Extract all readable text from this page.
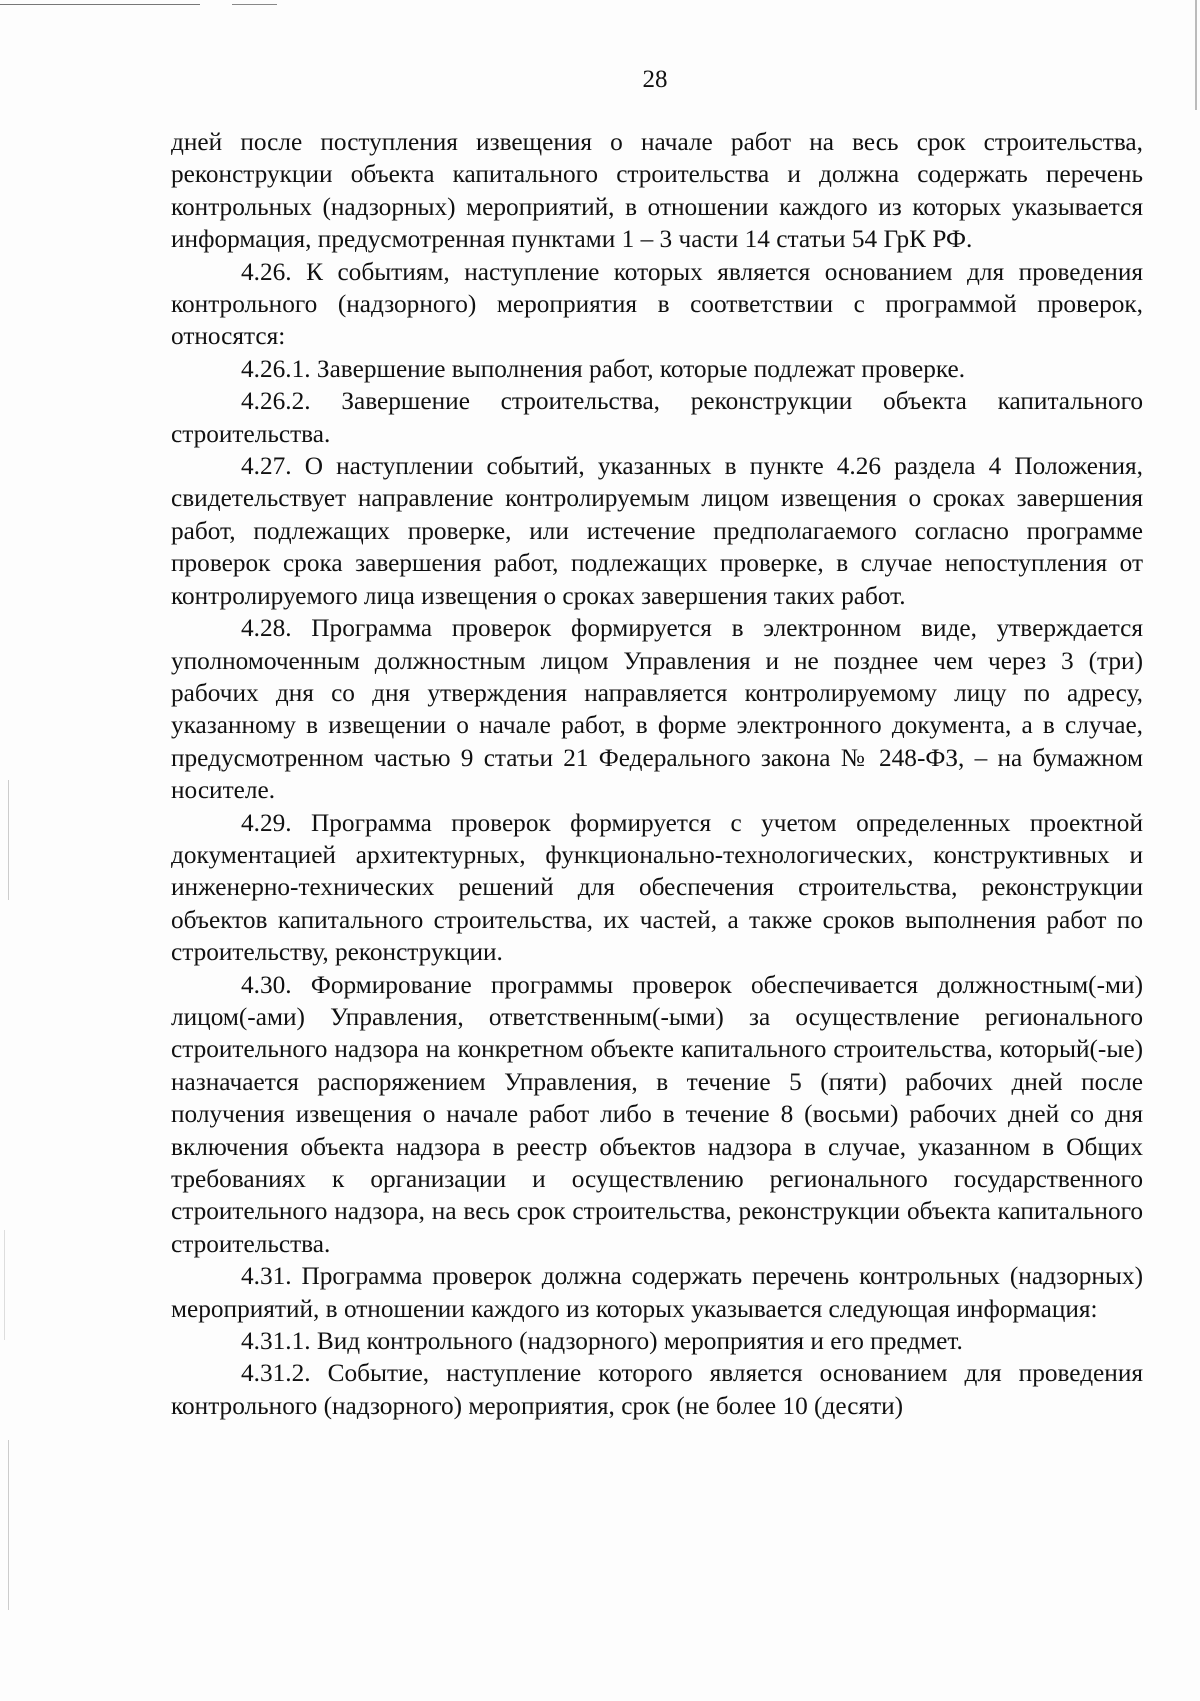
28

дней после поступления извещения о начале работ на весь срок строительства, реконструкции объекта капитального строительства и должна содержать перечень контрольных (надзорных) мероприятий, в отношении каждого из которых указывается информация, предусмотренная пунктами 1 – 3 части 14 статьи 54 ГрК РФ.

4.26. К событиям, наступление которых является основанием для проведения контрольного (надзорного) мероприятия в соответствии с программой проверок, относятся:

4.26.1. Завершение выполнения работ, которые подлежат проверке.

4.26.2. Завершение строительства, реконструкции объекта капитального строительства.

4.27. О наступлении событий, указанных в пункте 4.26 раздела 4 Положения, свидетельствует направление контролируемым лицом извещения о сроках завершения работ, подлежащих проверке, или истечение предполагаемого согласно программе проверок срока завершения работ, подлежащих проверке, в случае непоступления от контролируемого лица извещения о сроках завершения таких работ.

4.28. Программа проверок формируется в электронном виде, утверждается уполномоченным должностным лицом Управления и не позднее чем через 3 (три) рабочих дня со дня утверждения направляется контролируемому лицу по адресу, указанному в извещении о начале работ, в форме электронного документа, а в случае, предусмотренном частью 9 статьи 21 Федерального закона № 248-ФЗ, – на бумажном носителе.

4.29. Программа проверок формируется с учетом определенных проектной документацией архитектурных, функционально-технологических, конструктивных и инженерно-технических решений для обеспечения строительства, реконструкции объектов капитального строительства, их частей, а также сроков выполнения работ по строительству, реконструкции.

4.30. Формирование программы проверок обеспечивается должностным(-ми) лицом(-ами) Управления, ответственным(-ыми) за осуществление регионального строительного надзора на конкретном объекте капитального строительства, который(-ые) назначается распоряжением Управления, в течение 5 (пяти) рабочих дней после получения извещения о начале работ либо в течение 8 (восьми) рабочих дней со дня включения объекта надзора в реестр объектов надзора в случае, указанном в Общих требованиях к организации и осуществлению регионального государственного строительного надзора, на весь срок строительства, реконструкции объекта капитального строительства.

4.31. Программа проверок должна содержать перечень контрольных (надзорных) мероприятий, в отношении каждого из которых указывается следующая информация:

4.31.1. Вид контрольного (надзорного) мероприятия и его предмет.

4.31.2. Событие, наступление которого является основанием для проведения контрольного (надзорного) мероприятия, срок (не более 10 (десяти)
